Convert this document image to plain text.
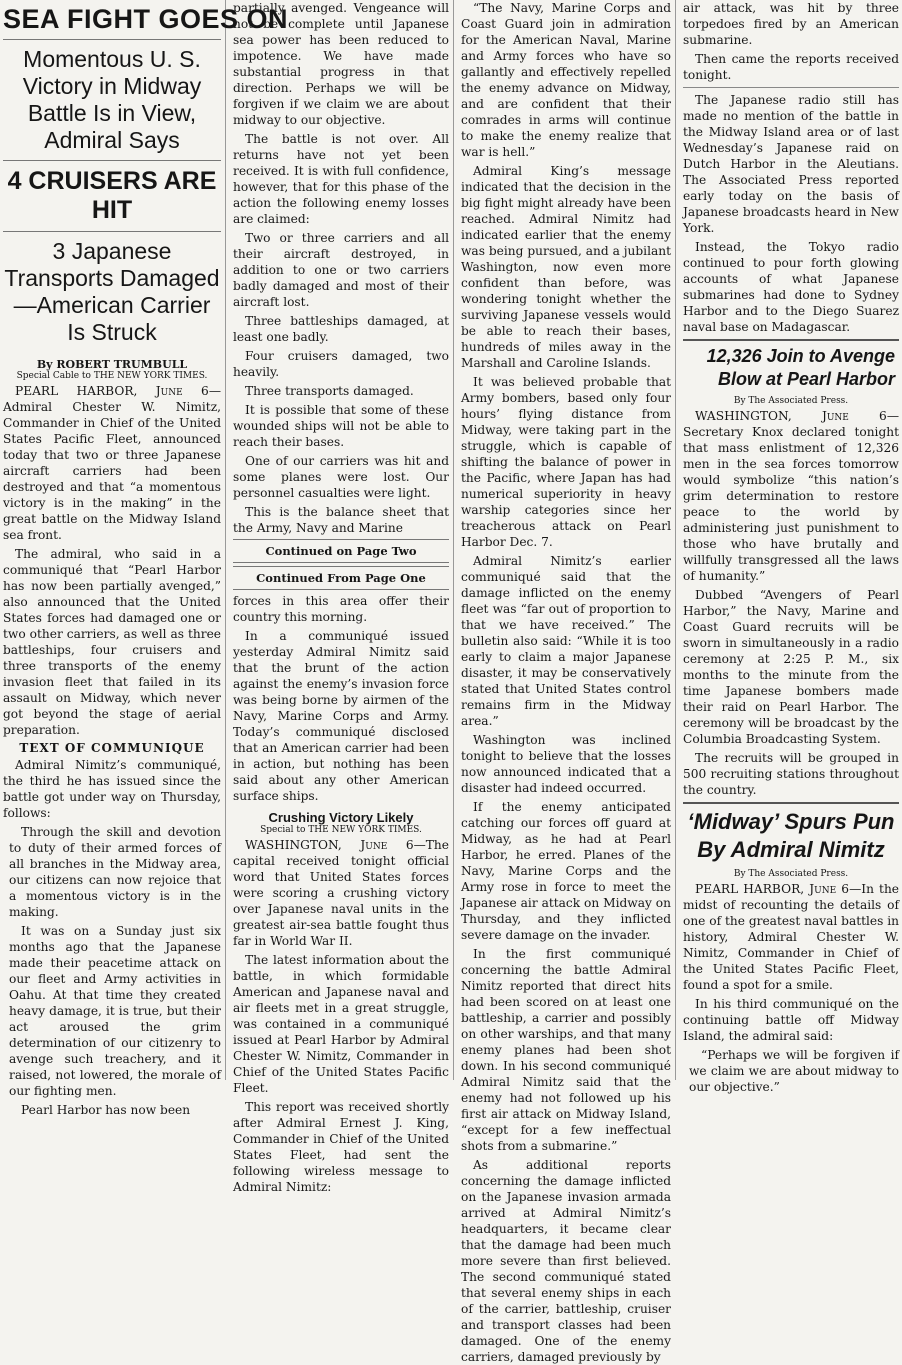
SEA FIGHT GOES ON
Momentous U. S. Victory in Midway Battle Is in View, Admiral Says
4 CRUISERS ARE HIT
3 Japanese Transports Damaged—American Carrier Is Struck
By ROBERT TRUMBULL
Special Cable to THE NEW YORK TIMES.

PEARL HARBOR, June 6—Admiral Chester W. Nimitz, Commander in Chief of the United States Pacific Fleet, announced today that two or three Japanese aircraft carriers had been destroyed and that “a momentous victory is in the making” in the great battle on the Midway Island sea front.

The admiral, who said in a communiqué that “Pearl Harbor has now been partially avenged,” also announced that the United States forces had damaged one or two other carriers, as well as three battleships, four cruisers and three transports of the enemy invasion fleet that failed in its assault on Midway, which never got beyond the stage of aerial preparation.

TEXT OF COMMUNIQUE

Admiral Nimitz’s communiqué, the third he has issued since the battle got under way on Thursday, follows:

Through the skill and devotion to duty of their armed forces of all branches in the Midway area, our citizens can now rejoice that a momentous victory is in the making.

It was on a Sunday just six months ago that the Japanese made their peacetime attack on our fleet and Army activities in Oahu. At that time they created heavy damage, it is true, but their act aroused the grim determination of our citizenry to avenge such treachery, and it raised, not lowered, the morale of our fighting men.

Pearl Harbor has now been

partially avenged. Vengeance will not be complete until Japanese sea power has been reduced to impotence. We have made substantial progress in that direction. Perhaps we will be forgiven if we claim we are about midway to our objective.

The battle is not over. All returns have not yet been received. It is with full confidence, however, that for this phase of the action the following enemy losses are claimed:

Two or three carriers and all their aircraft destroyed, in addition to one or two carriers badly damaged and most of their aircraft lost.

Three battleships damaged, at least one badly.

Four cruisers damaged, two heavily.

Three transports damaged.

It is possible that some of these wounded ships will not be able to reach their bases.

One of our carriers was hit and some planes were lost. Our personnel casualties were light.

This is the balance sheet that the Army, Navy and Marine

Continued on Page Two
Continued From Page One

forces in this area offer their country this morning.

In a communiqué issued yesterday Admiral Nimitz said that the brunt of the action against the enemy’s invasion force was being borne by airmen of the Navy, Marine Corps and Army. Today’s communiqué disclosed that an American carrier had been in action, but nothing has been said about any other American surface ships.

Crushing Victory Likely
Special to THE NEW YORK TIMES.

WASHINGTON, June 6—The capital received tonight official word that United States forces were scoring a crushing victory over Japanese naval units in the greatest air-sea battle fought thus far in World War II.

The latest information about the battle, in which formidable American and Japanese naval and air fleets met in a great struggle, was contained in a communiqué issued at Pearl Harbor by Admiral Chester W. Nimitz, Commander in Chief of the United States Pacific Fleet.

This report was received shortly after Admiral Ernest J. King, Commander in Chief of the United States Fleet, had sent the following wireless message to Admiral Nimitz:

“The Navy, Marine Corps and Coast Guard join in admiration for the American Naval, Marine and Army forces who have so gallantly and effectively repelled the enemy advance on Midway, and are confident that their comrades in arms will continue to make the enemy realize that war is hell.”

Admiral King’s message indicated that the decision in the big fight might already have been reached. Admiral Nimitz had indicated earlier that the enemy was being pursued, and a jubilant Washington, now even more confident than before, was wondering tonight whether the surviving Japanese vessels would be able to reach their bases, hundreds of miles away in the Marshall and Caroline Islands.

It was believed probable that Army bombers, based only four hours’ flying distance from Midway, were taking part in the struggle, which is capable of shifting the balance of power in the Pacific, where Japan has had numerical superiority in heavy warship categories since her treacherous attack on Pearl Harbor Dec. 7.

Admiral Nimitz’s earlier communiqué said that the damage inflicted on the enemy fleet was “far out of proportion to that we have received.” The bulletin also said: “While it is too early to claim a major Japanese disaster, it may be conservatively stated that United States control remains firm in the Midway area.”

Washington was inclined tonight to believe that the losses now announced indicated that a disaster had indeed occurred.

If the enemy anticipated catching our forces off guard at Midway, as he had at Pearl Harbor, he erred. Planes of the Navy, Marine Corps and the Army rose in force to meet the Japanese air attack on Midway on Thursday, and they inflicted severe damage on the invader.

In the first communiqué concerning the battle Admiral Nimitz reported that direct hits had been scored on at least one battleship, a carrier and possibly on other warships, and that many enemy planes had been shot down. In his second communiqué Admiral Nimitz said that the enemy had not followed up his first air attack on Midway Island, “except for a few ineffectual shots from a submarine.”

As additional reports concerning the damage inflicted on the Japanese invasion armada arrived at Admiral Nimitz’s headquarters, it became clear that the damage had been much more severe than first believed. The second communiqué stated that several enemy ships in each of the carrier, battleship, cruiser and transport classes had been damaged. One of the enemy carriers, damaged previously by

air attack, was hit by three torpedoes fired by an American submarine.

Then came the reports received tonight.

The Japanese radio still has made no mention of the battle in the Midway Island area or of last Wednesday’s Japanese raid on Dutch Harbor in the Aleutians. The Associated Press reported early today on the basis of Japanese broadcasts heard in New York.

Instead, the Tokyo radio continued to pour forth glowing accounts of what Japanese submarines had done to Sydney Harbor and to the Diego Suarez naval base on Madagascar.

12,326 Join to Avenge Blow at Pearl Harbor
By The Associated Press.

WASHINGTON, June 6—Secretary Knox declared tonight that mass enlistment of 12,326 men in the sea forces tomorrow would symbolize “this nation’s grim determination to restore peace to the world by administering just punishment to those who have brutally and willfully transgressed all the laws of humanity.”

Dubbed “Avengers of Pearl Harbor,” the Navy, Marine and Coast Guard recruits will be sworn in simultaneously in a radio ceremony at 2:25 P. M., six months to the minute from the time Japanese bombers made their raid on Pearl Harbor. The ceremony will be broadcast by the Columbia Broadcasting System.

The recruits will be grouped in 500 recruiting stations throughout the country.

‘Midway’ Spurs Pun By Admiral Nimitz
By The Associated Press.

PEARL HARBOR, June 6—In the midst of recounting the details of one of the greatest naval battles in history, Admiral Chester W. Nimitz, Commander in Chief of the United States Pacific Fleet, found a spot for a smile.

In his third communiqué on the continuing battle off Midway Island, the admiral said:

“Perhaps we will be forgiven if we claim we are about midway to our objective.”
